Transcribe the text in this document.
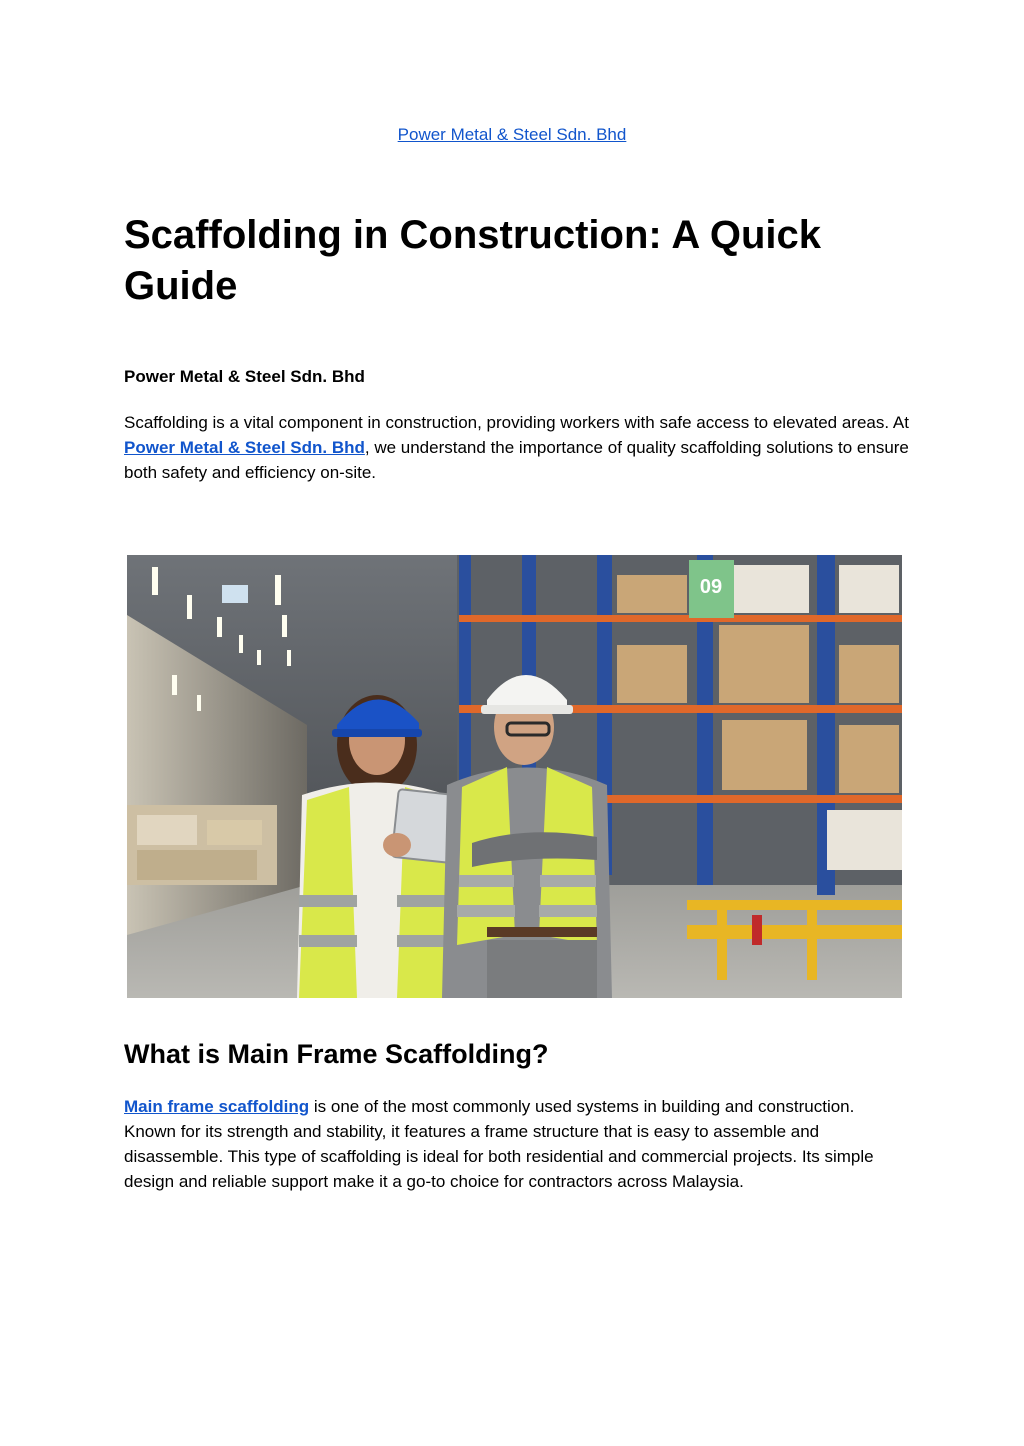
Power Metal & Steel Sdn. Bhd
Scaffolding in Construction: A Quick Guide

Power Metal & Steel Sdn. Bhd

Scaffolding is a vital component in construction, providing workers with safe access to elevated areas. At Power Metal & Steel Sdn. Bhd, we understand the importance of quality scaffolding solutions to ensure both safety and efficiency on-site.

09
What is Main Frame Scaffolding?

Main frame scaffolding is one of the most commonly used systems in building and construction. Known for its strength and stability, it features a frame structure that is easy to assemble and disassemble. This type of scaffolding is ideal for both residential and commercial projects. Its simple design and reliable support make it a go-to choice for contractors across Malaysia.
